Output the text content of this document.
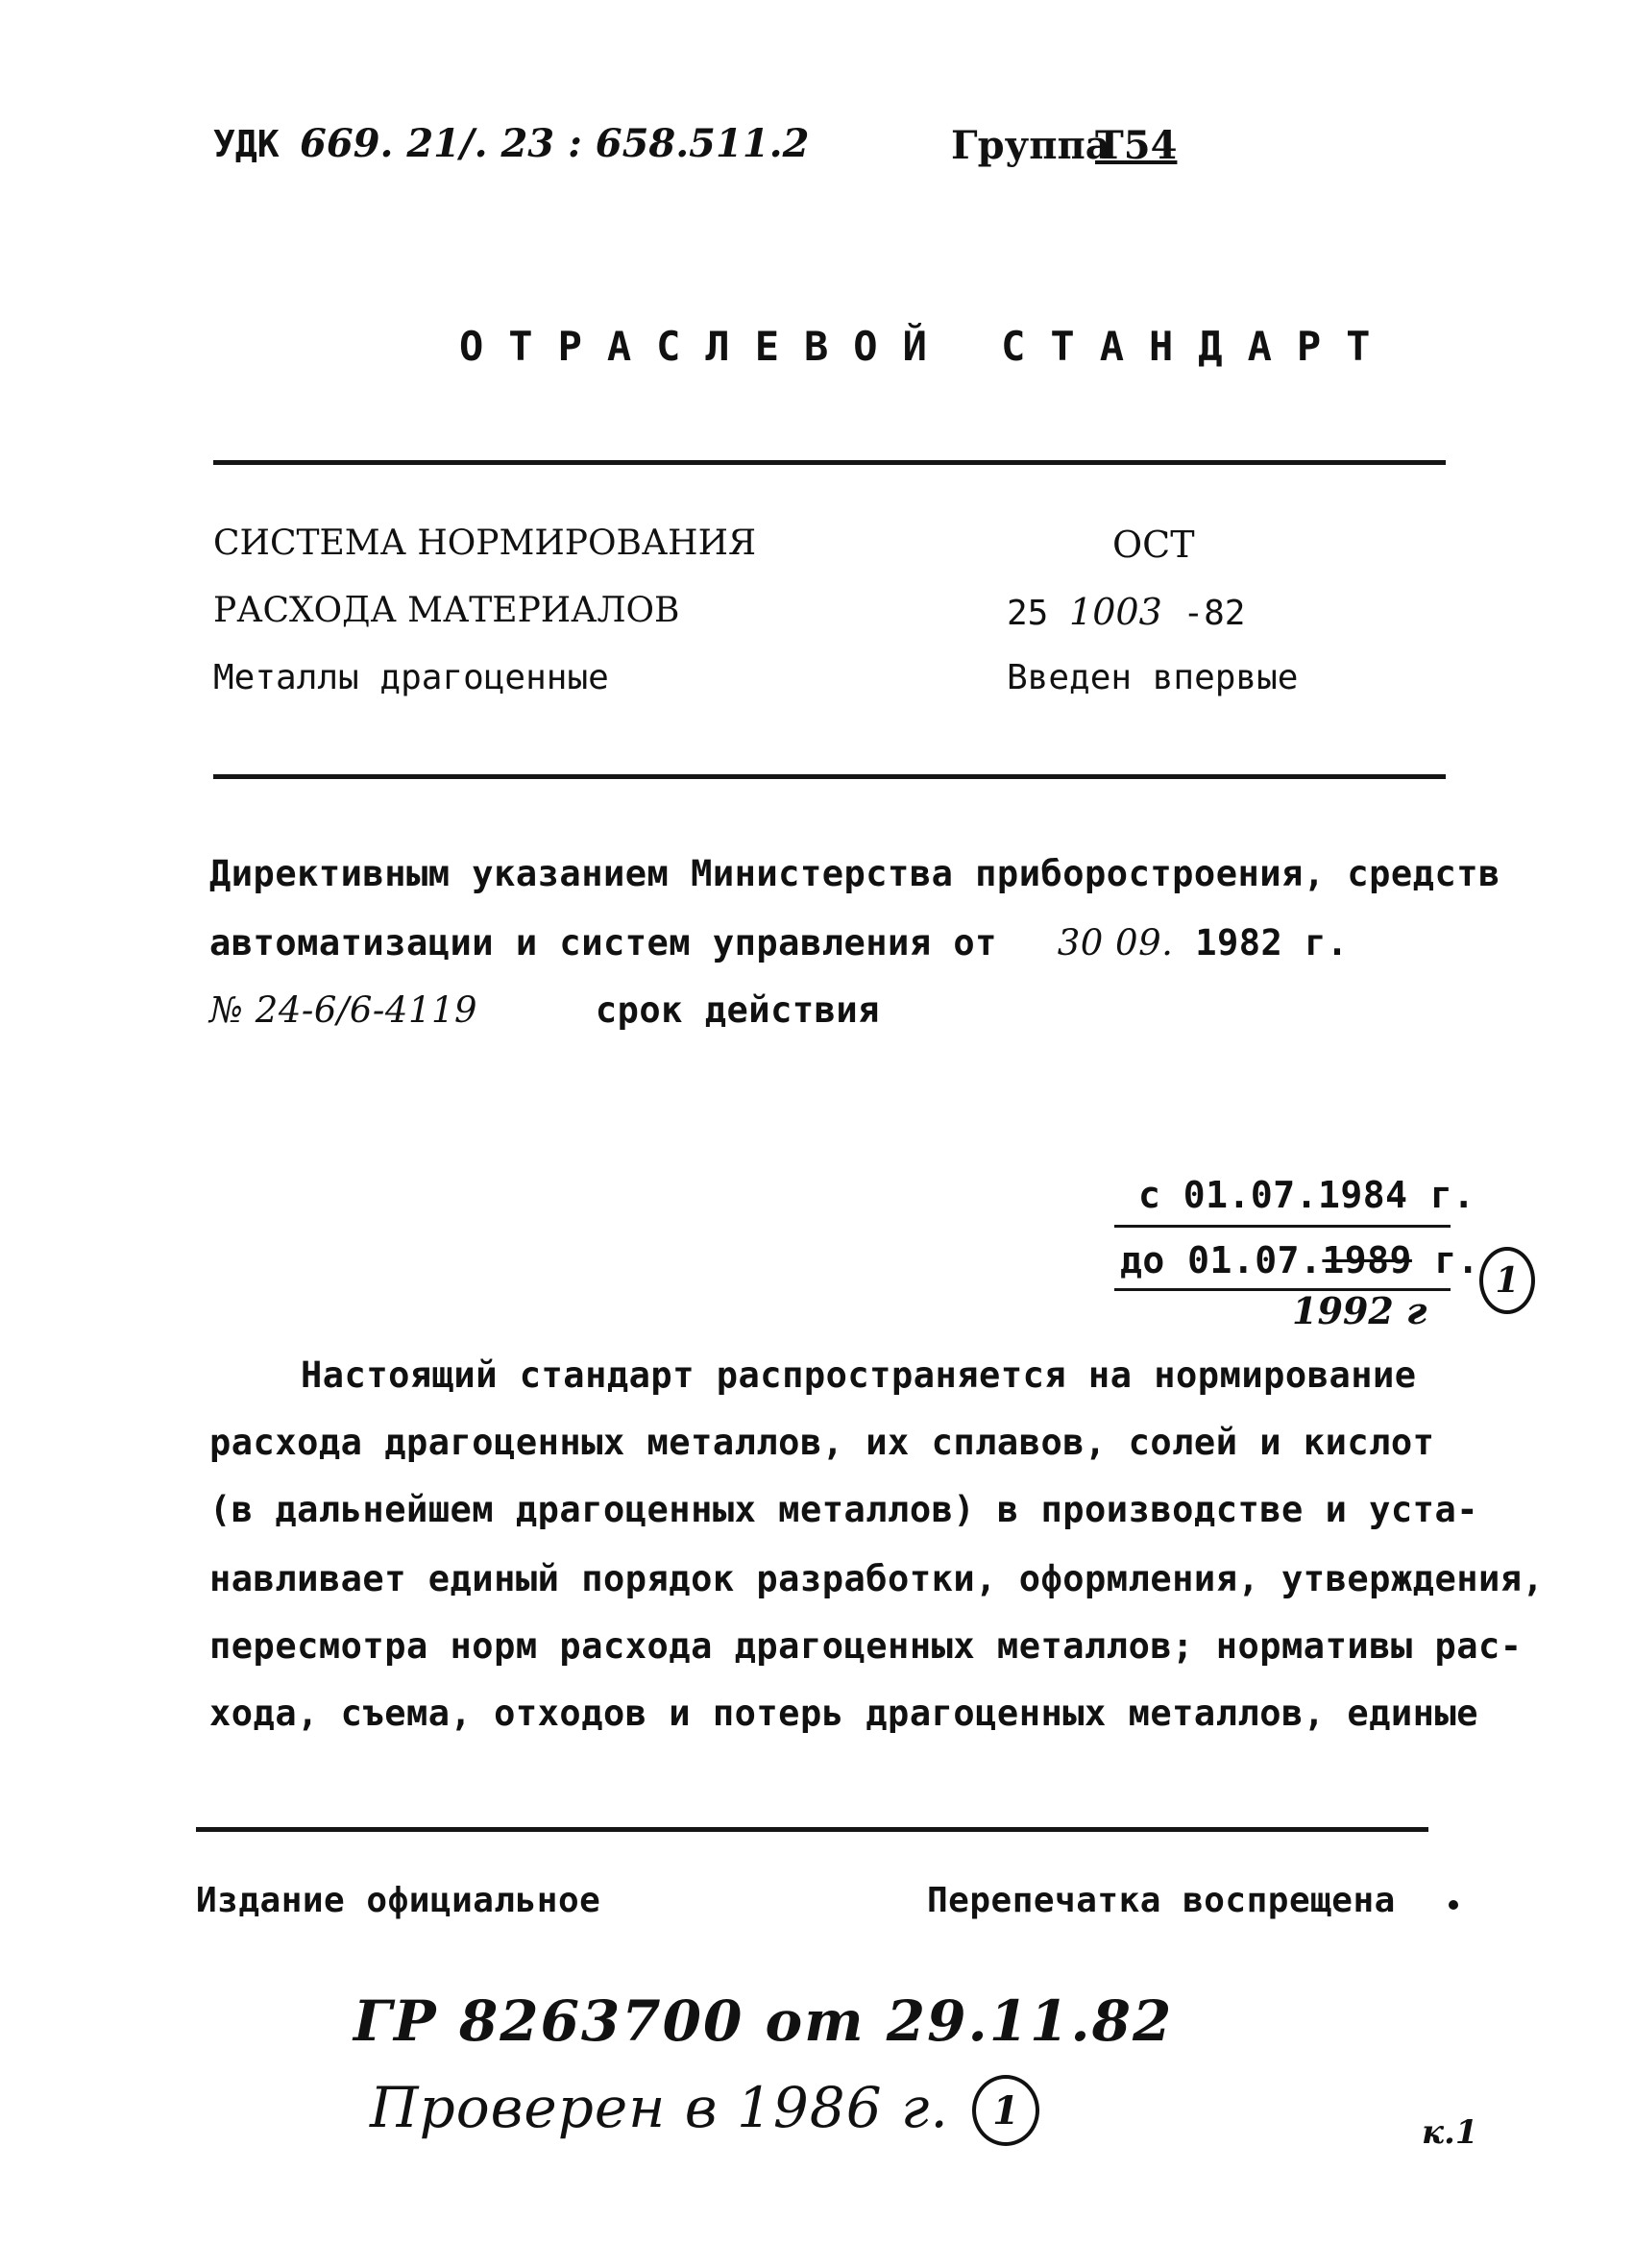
УДК 669. 21/. 23 : 658.511.2	Группа
Т54
ОТРАСЛЕВОЙ СТАНДАРТ
СИСТЕМА НОРМИРОВАНИЯ
РАСХОДА МАТЕРИАЛОВ
Металлы драгоценные
ОСТ
25 1003 -82
Введен впервые
Директивным указанием Министерства приборостроения, средств
автоматизации и систем управления от 30 09. 1982 г.
№ 24-6/6-4119	срок действия
с 01.07.1984 г.
до 01.07.1989 г.
1992 г
1
Настоящий стандарт распространяется на нормирование
расхода драгоценных металлов, их сплавов, солей и кислот
(в дальнейшем драгоценных металлов) в производстве и уста-
навливает единый порядок разработки, оформления, утверждения,
пересмотра норм расхода драгоценных металлов; нормативы рас-
хода, съема, отходов и потерь драгоценных металлов, единые
Издание официальное	Перепечатка воспрещена
ГР 8263700 от 29.11.82
Проверен в 1986 г.	1	к.1
